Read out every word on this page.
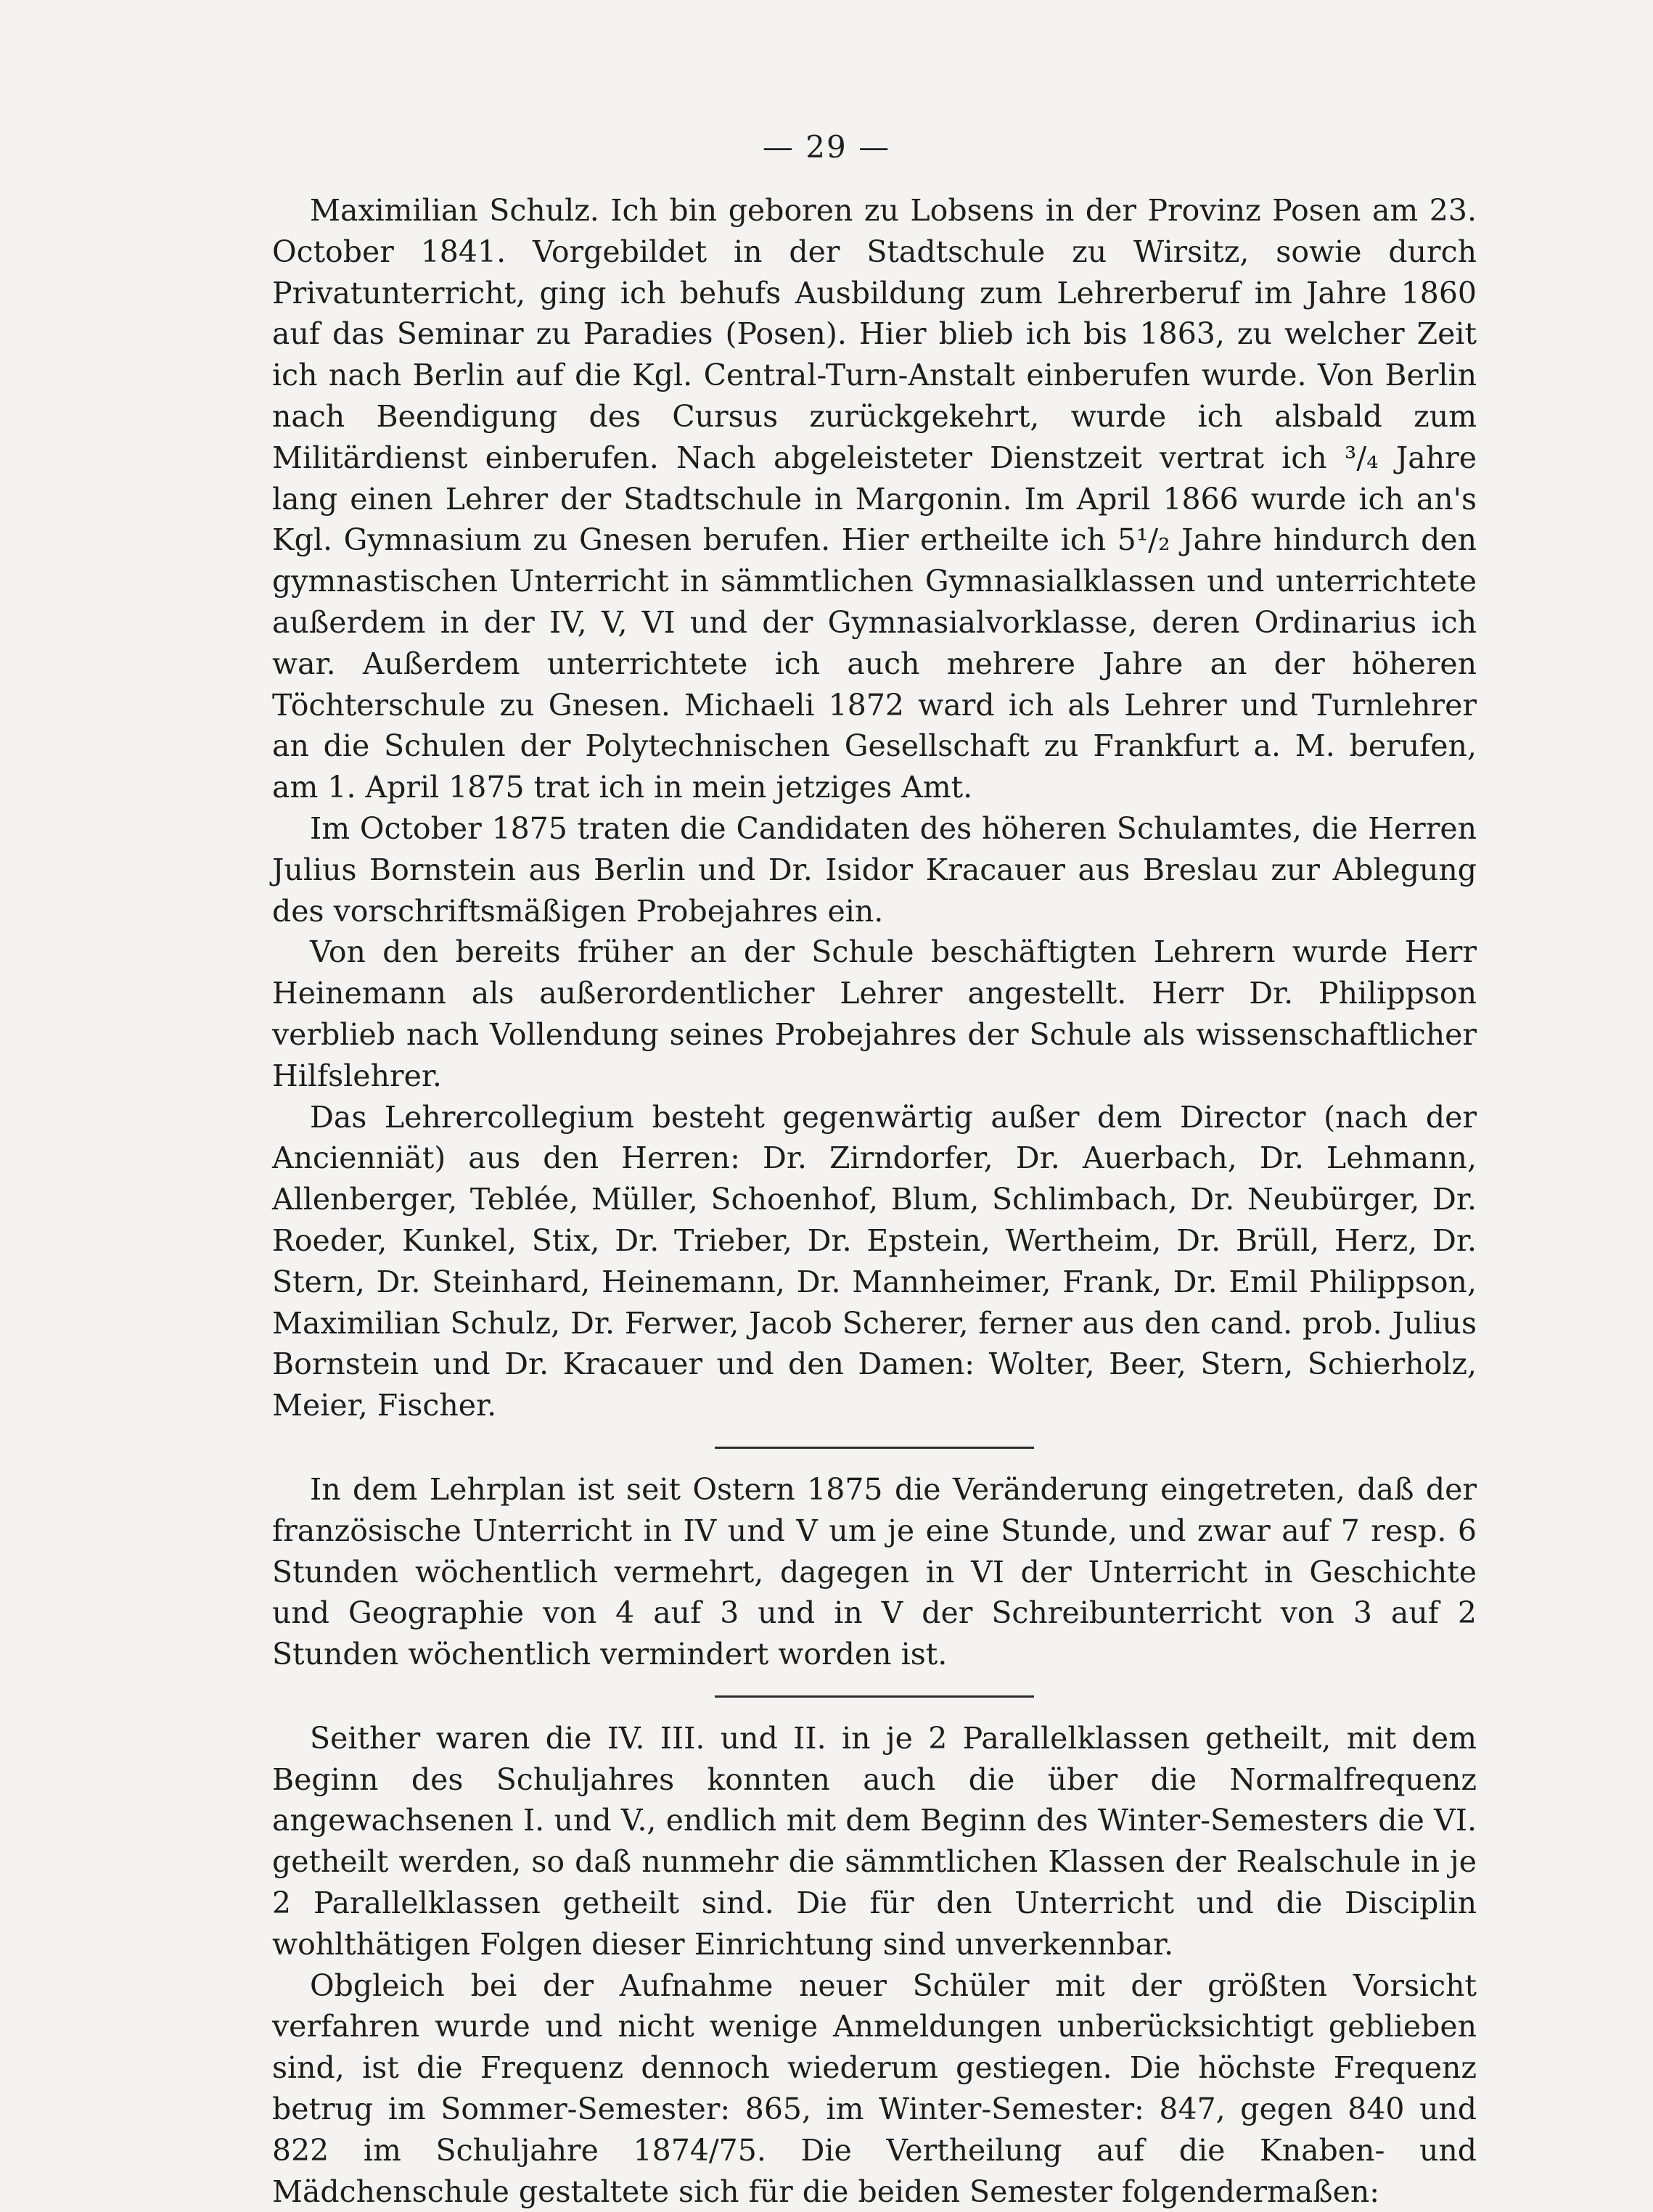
— 29 —

Maximilian Schulz. Ich bin geboren zu Lobsens in der Provinz Posen am 23. October 1841. Vorgebildet in der Stadtschule zu Wirsitz, sowie durch Privatunterricht, ging ich behufs Ausbildung zum Lehrerberuf im Jahre 1860 auf das Seminar zu Paradies (Posen). Hier blieb ich bis 1863, zu welcher Zeit ich nach Berlin auf die Kgl. Central-Turn-Anstalt einberufen wurde. Von Berlin nach Beendigung des Cursus zurückgekehrt, wurde ich alsbald zum Militärdienst einberufen. Nach abgeleisteter Dienstzeit vertrat ich ³/₄ Jahre lang einen Lehrer der Stadtschule in Margonin. Im April 1866 wurde ich an's Kgl. Gymnasium zu Gnesen berufen. Hier ertheilte ich 5¹/₂ Jahre hindurch den gymnastischen Unterricht in sämmtlichen Gymnasialklassen und unterrichtete außerdem in der IV, V, VI und der Gymnasialvorklasse, deren Ordinarius ich war. Außerdem unterrichtete ich auch mehrere Jahre an der höheren Töchterschule zu Gnesen. Michaeli 1872 ward ich als Lehrer und Turnlehrer an die Schulen der Polytechnischen Gesellschaft zu Frankfurt a. M. berufen, am 1. April 1875 trat ich in mein jetziges Amt.

Im October 1875 traten die Candidaten des höheren Schulamtes, die Herren Julius Bornstein aus Berlin und Dr. Isidor Kracauer aus Breslau zur Ablegung des vorschriftsmäßigen Probejahres ein.

Von den bereits früher an der Schule beschäftigten Lehrern wurde Herr Heinemann als außerordentlicher Lehrer angestellt. Herr Dr. Philippson verblieb nach Vollendung seines Probejahres der Schule als wissenschaftlicher Hilfslehrer.

Das Lehrercollegium besteht gegenwärtig außer dem Director (nach der Ancienniät) aus den Herren: Dr. Zirndorfer, Dr. Auerbach, Dr. Lehmann, Allenberger, Teblée, Müller, Schoenhof, Blum, Schlimbach, Dr. Neubürger, Dr. Roeder, Kunkel, Stix, Dr. Trieber, Dr. Epstein, Wertheim, Dr. Brüll, Herz, Dr. Stern, Dr. Steinhard, Heinemann, Dr. Mannheimer, Frank, Dr. Emil Philippson, Maximilian Schulz, Dr. Ferwer, Jacob Scherer, ferner aus den cand. prob. Julius Bornstein und Dr. Kracauer und den Damen: Wolter, Beer, Stern, Schierholz, Meier, Fischer.

In dem Lehrplan ist seit Ostern 1875 die Veränderung eingetreten, daß der französische Unterricht in IV und V um je eine Stunde, und zwar auf 7 resp. 6 Stunden wöchentlich vermehrt, dagegen in VI der Unterricht in Geschichte und Geographie von 4 auf 3 und in V der Schreibunterricht von 3 auf 2 Stunden wöchentlich vermindert worden ist.

Seither waren die IV. III. und II. in je 2 Parallelklassen getheilt, mit dem Beginn des Schuljahres konnten auch die über die Normalfrequenz angewachsenen I. und V., endlich mit dem Beginn des Winter-Semesters die VI. getheilt werden, so daß nunmehr die sämmtlichen Klassen der Realschule in je 2 Parallelklassen getheilt sind. Die für den Unterricht und die Disciplin wohlthätigen Folgen dieser Einrichtung sind unverkennbar.

Obgleich bei der Aufnahme neuer Schüler mit der größten Vorsicht verfahren wurde und nicht wenige Anmeldungen unberücksichtigt geblieben sind, ist die Frequenz dennoch wiederum gestiegen. Die höchste Frequenz betrug im Sommer-Semester: 865, im Winter-Semester: 847, gegen 840 und 822 im Schuljahre 1874/75. Die Vertheilung auf die Knaben- und Mädchenschule gestaltete sich für die beiden Semester folgendermaßen:
